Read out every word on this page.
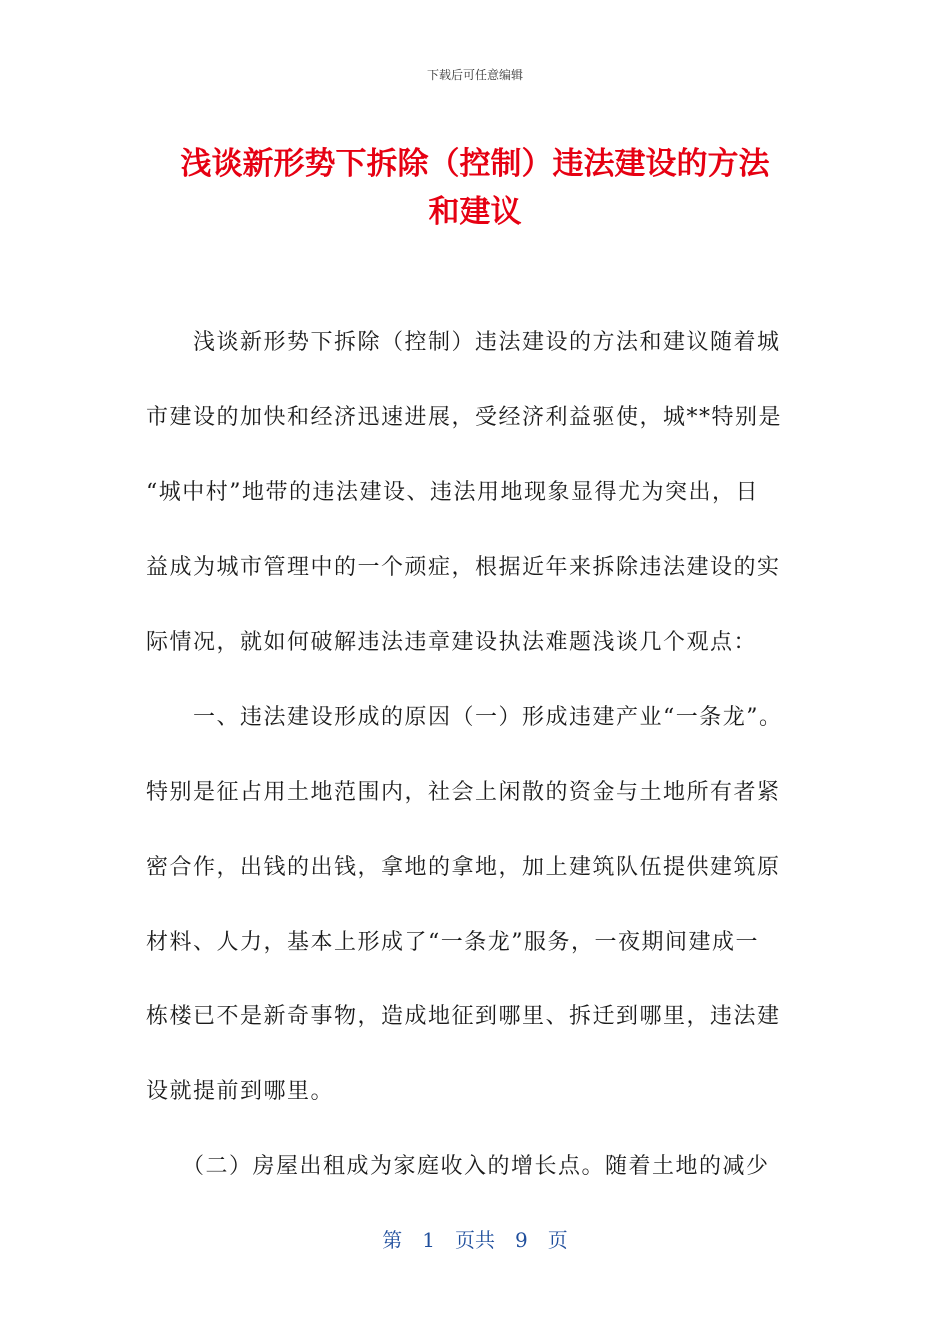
下载后可任意编辑
浅谈新形势下拆除（控制）违法建设的方法
和建议
　　浅谈新形势下拆除（控制）违法建设的方法和建议随着城
市建设的加快和经济迅速进展，受经济利益驱使，城**特别是
“城中村”地带的违法建设、违法用地现象显得尤为突出，日
益成为城市管理中的一个顽症，根据近年来拆除违法建设的实
际情况，就如何破解违法违章建设执法难题浅谈几个观点：
　　一、违法建设形成的原因（一）形成违建产业“一条龙”。
特别是征占用土地范围内，社会上闲散的资金与土地所有者紧
密合作，出钱的出钱，拿地的拿地，加上建筑队伍提供建筑原
材料、人力，基本上形成了“一条龙”服务，一夜期间建成一
栋楼已不是新奇事物，造成地征到哪里、拆迁到哪里，违法建
设就提前到哪里。
　　（二）房屋出租成为家庭收入的增长点。随着土地的减少
第　1　页共　9　页
